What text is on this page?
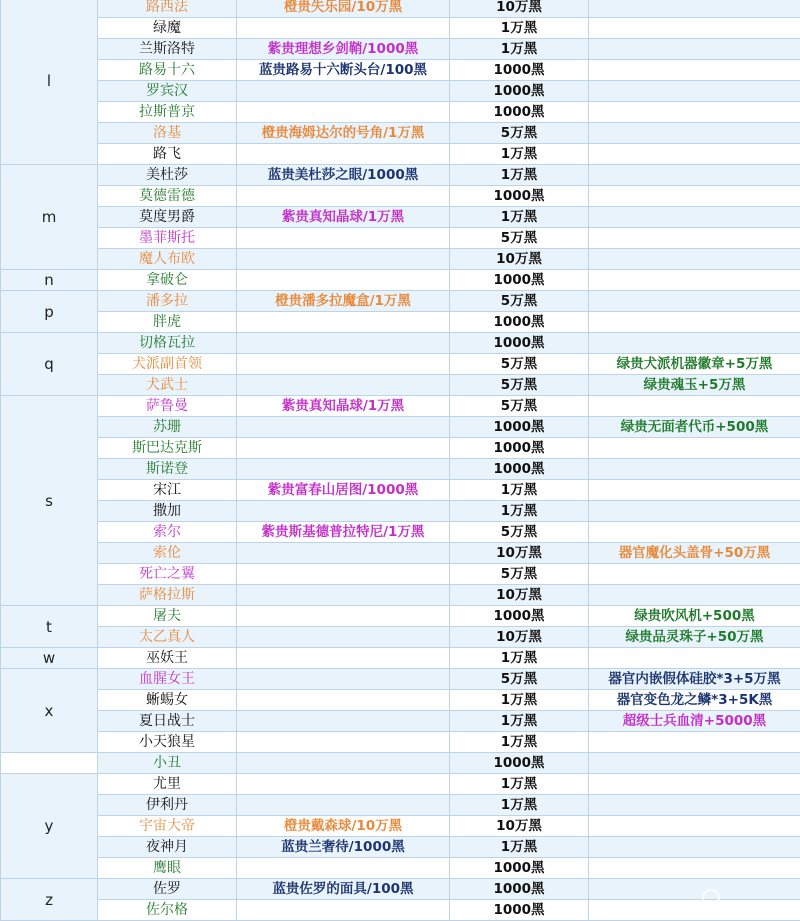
l	路西法	橙贵失乐园/10万黑	10万黑	
	绿魔		1万黑	
	兰斯洛特	紫贵理想乡剑鞘/1000黑	1万黑	
	路易十六	蓝贵路易十六断头台/100黑	1000黑	
	罗宾汉		1000黑	
	拉斯普京		1000黑	
	洛基	橙贵海姆达尔的号角/1万黑	5万黑	
	路飞		1万黑	
m	美杜莎	蓝贵美杜莎之眼/1000黑	1万黑	
	莫德雷德		1000黑	
	莫度男爵	紫贵真知晶球/1万黑	1万黑	
	墨菲斯托		5万黑	
	魔人布欧		10万黑	
n	拿破仑		1000黑	
p	潘多拉	橙贵潘多拉魔盒/1万黑	5万黑	
	胖虎		1000黑	
q	切格瓦拉		1000黑	
	犬派副首领		5万黑	绿贵犬派机器徽章+5万黑
	犬武士		5万黑	绿贵魂玉+5万黑
s	萨鲁曼	紫贵真知晶球/1万黑	5万黑	
	苏珊		1000黑	绿贵无面者代币+500黑
	斯巴达克斯		1000黑	
	斯诺登		1000黑	
	宋江	紫贵富春山居图/1000黑	1万黑	
	撒加		1万黑	
	索尔	紫贵斯基德普拉特尼/1万黑	5万黑	
	索伦		10万黑	器官魔化头盖骨+50万黑
	死亡之翼		5万黑	
	萨格拉斯		10万黑	
t	屠夫		1000黑	绿贵吹风机+500黑
	太乙真人		10万黑	绿贵品灵珠子+50万黑
w	巫妖王		1万黑	
x	血腥女王		5万黑	器官内嵌假体硅胶*3+5万黑
	蜥蜴女		1万黑	器官变色龙之鳞*3+5K黑
	夏日战士		1万黑	超级士兵血清+5000黑
	小天狼星		1万黑	
	小丑		1000黑	
y	尤里		1万黑	
	伊利丹		1万黑	
	宇宙大帝	橙贵戴森球/10万黑	10万黑	
	夜神月	蓝贵兰奢待/1000黑	1万黑	
	鹰眼		1000黑	
z	佐罗	蓝贵佐罗的面具/100黑	1000黑	
	佐尔格		1000黑	
